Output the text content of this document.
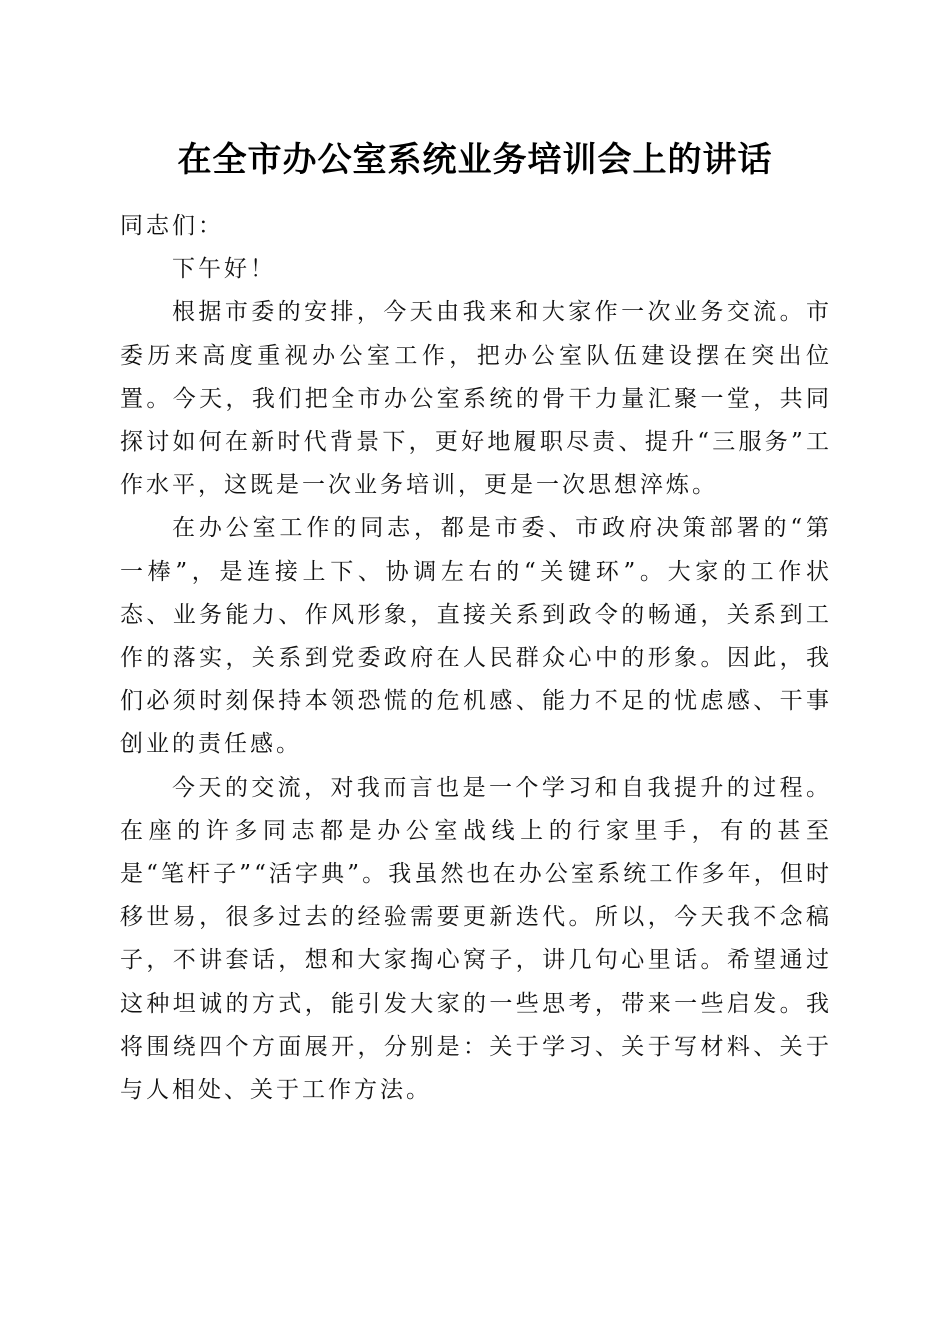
在全市办公室系统业务培训会上的讲话

同志们：

下午好！

根据市委的安排，今天由我来和大家作一次业务交流。市委历来高度重视办公室工作，把办公室队伍建设摆在突出位置。今天，我们把全市办公室系统的骨干力量汇聚一堂，共同探讨如何在新时代背景下，更好地履职尽责、提升“三服务”工作水平，这既是一次业务培训，更是一次思想淬炼。

在办公室工作的同志，都是市委、市政府决策部署的“第一棒”，是连接上下、协调左右的“关键环”。大家的工作状态、业务能力、作风形象，直接关系到政令的畅通，关系到工作的落实，关系到党委政府在人民群众心中的形象。因此，我们必须时刻保持本领恐慌的危机感、能力不足的忧虑感、干事创业的责任感。

今天的交流，对我而言也是一个学习和自我提升的过程。在座的许多同志都是办公室战线上的行家里手，有的甚至是“笔杆子”“活字典”。我虽然也在办公室系统工作多年，但时移世易，很多过去的经验需要更新迭代。所以，今天我不念稿子，不讲套话，想和大家掏心窝子，讲几句心里话。希望通过这种坦诚的方式，能引发大家的一些思考，带来一些启发。我将围绕四个方面展开，分别是：关于学习、关于写材料、关于与人相处、关于工作方法。
